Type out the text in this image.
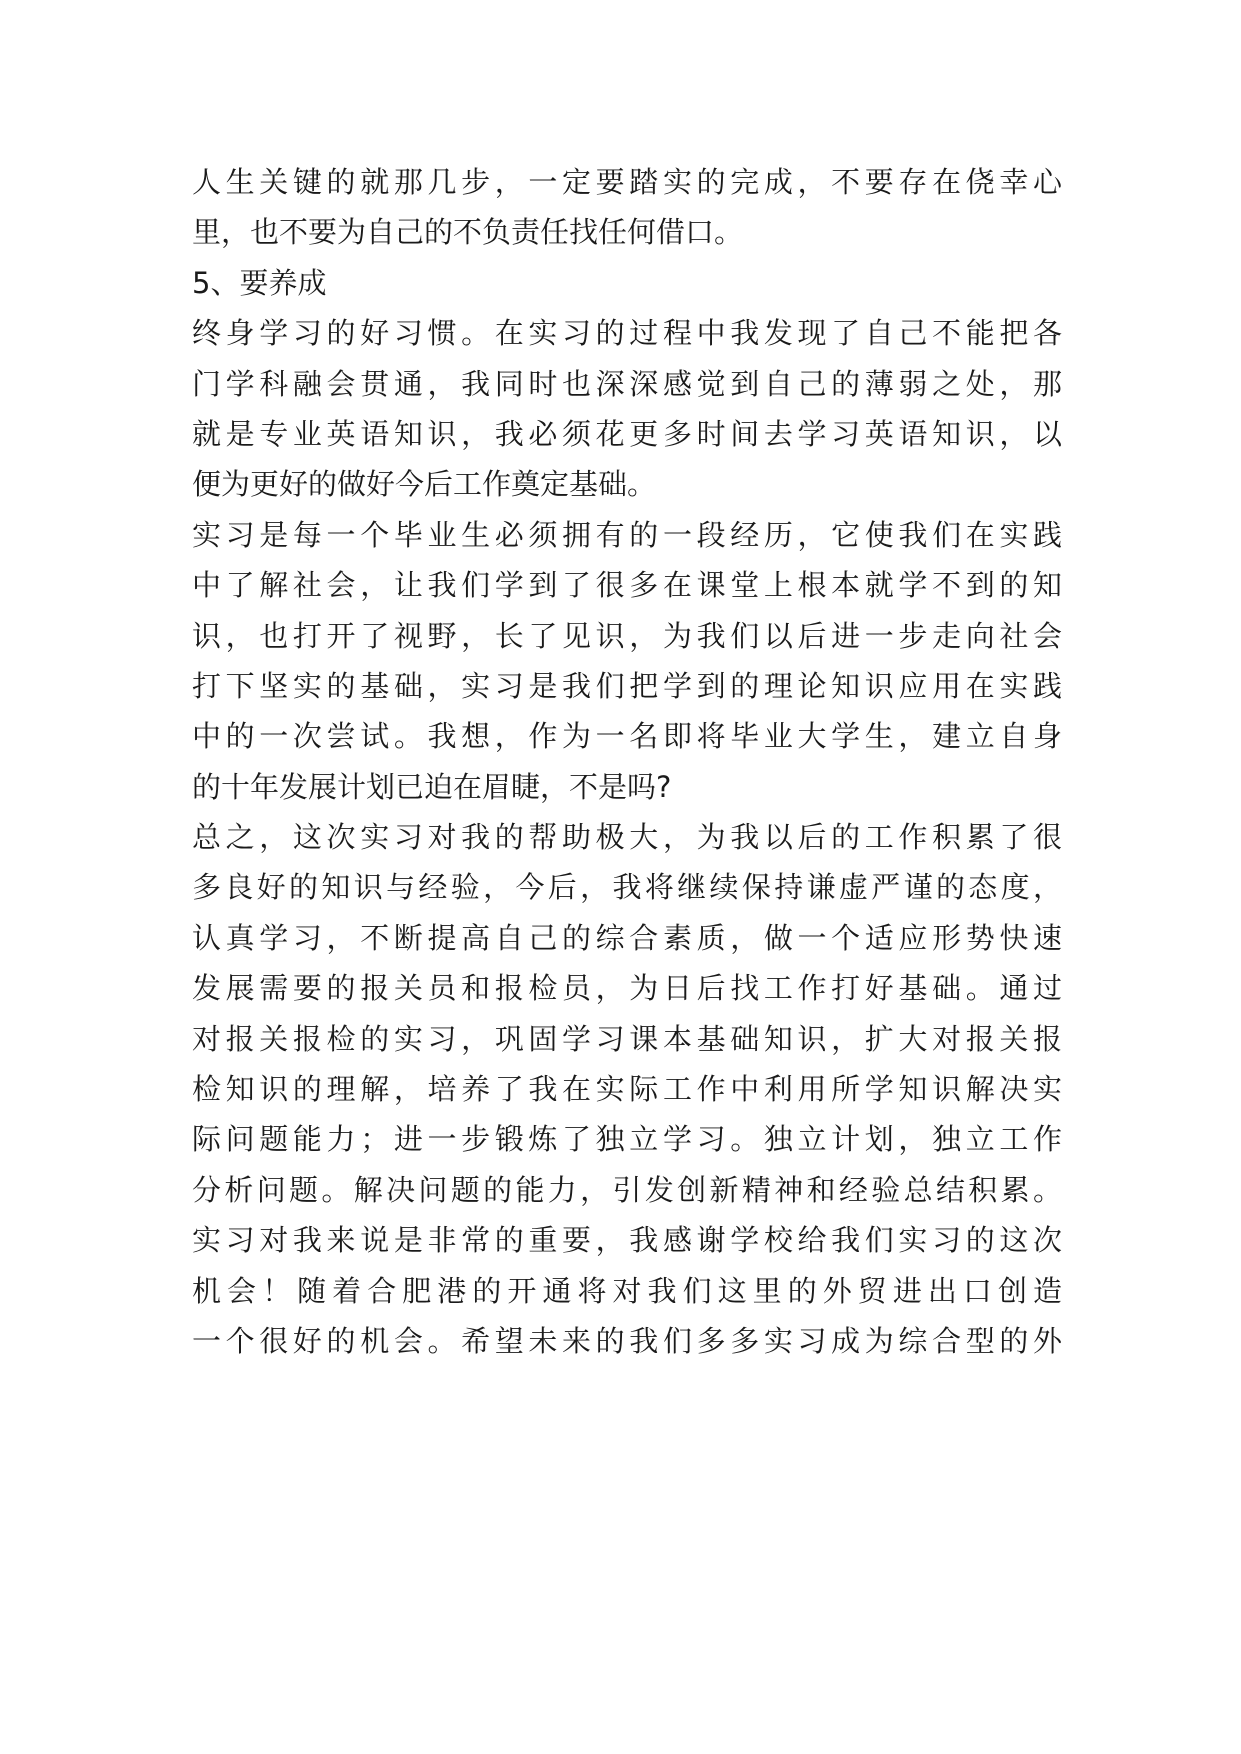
人生关键的就那几步，一定要踏实的完成，不要存在侥幸心
里，也不要为自己的不负责任找任何借口。
5、要养成
终身学习的好习惯。在实习的过程中我发现了自己不能把各
门学科融会贯通，我同时也深深感觉到自己的薄弱之处，那
就是专业英语知识，我必须花更多时间去学习英语知识，以
便为更好的做好今后工作奠定基础。
实习是每一个毕业生必须拥有的一段经历，它使我们在实践
中了解社会，让我们学到了很多在课堂上根本就学不到的知
识，也打开了视野，长了见识，为我们以后进一步走向社会
打下坚实的基础，实习是我们把学到的理论知识应用在实践
中的一次尝试。我想，作为一名即将毕业大学生，建立自身
的十年发展计划已迫在眉睫，不是吗?
总之，这次实习对我的帮助极大，为我以后的工作积累了很
多良好的知识与经验，今后，我将继续保持谦虚严谨的态度，
认真学习，不断提高自己的综合素质，做一个适应形势快速
发展需要的报关员和报检员，为日后找工作打好基础。通过
对报关报检的实习，巩固学习课本基础知识，扩大对报关报
检知识的理解，培养了我在实际工作中利用所学知识解决实
际问题能力；进一步锻炼了独立学习。独立计划，独立工作
分析问题。解决问题的能力，引发创新精神和经验总结积累。
实习对我来说是非常的重要，我感谢学校给我们实习的这次
机会！随着合肥港的开通将对我们这里的外贸进出口创造
一个很好的机会。希望未来的我们多多实习成为综合型的外
